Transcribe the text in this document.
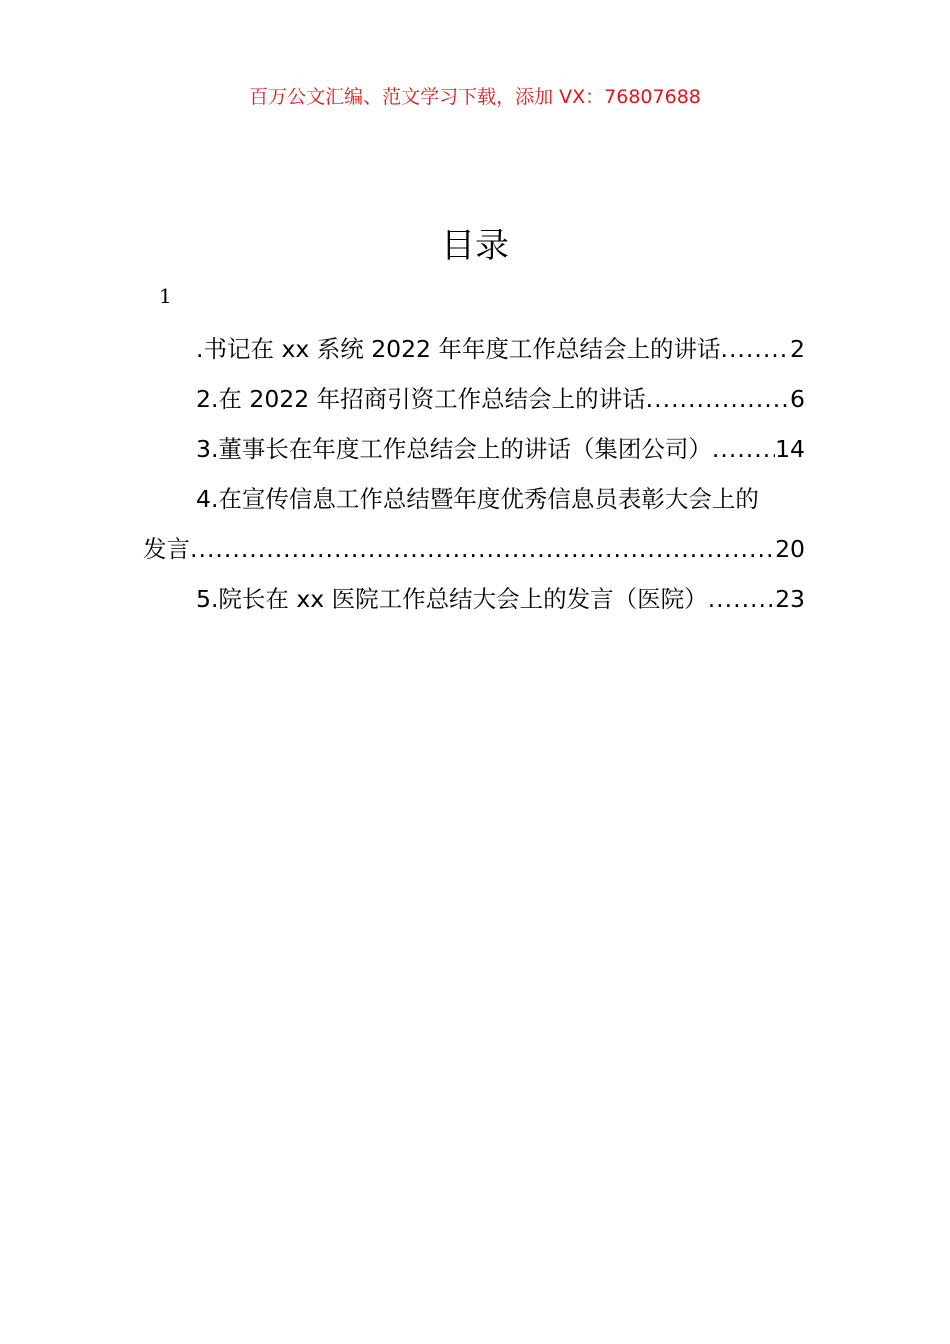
百万公文汇编、范文学习下载，添加 VX：76807688
目录
1
.书记在 xx 系统 2022 年年度工作总结会上的讲话 .....	2
2.在 2022 年招商引资工作总结会上的讲话 .....	6
3.董事长在年度工作总结会上的讲话（集团公司） .....	14
4.在宣传信息工作总结暨年度优秀信息员表彰大会上的
发言 .....	20
5.院长在 xx 医院工作总结大会上的发言（医院） .....	23
